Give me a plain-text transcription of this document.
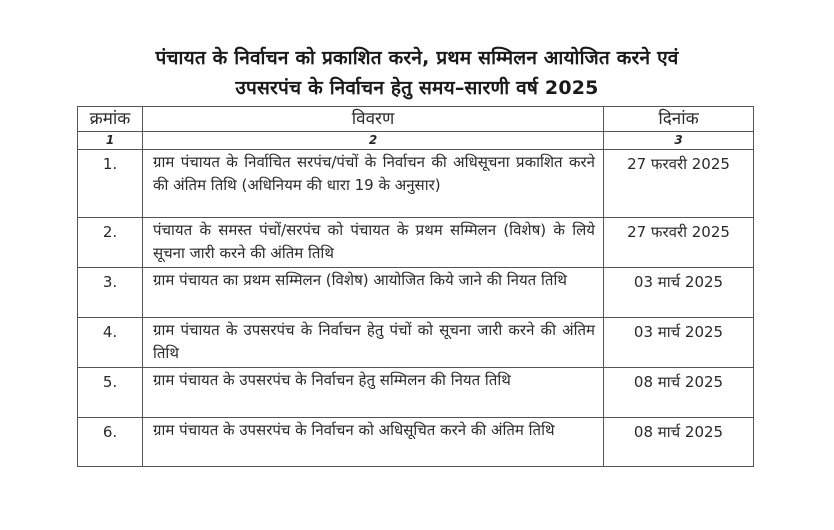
पंचायत के निर्वाचन को प्रकाशित करने, प्रथम सम्मिलन आयोजित करने एवं
उपसरपंच के निर्वाचन हेतु समय–सारणी वर्ष 2025
क्रमांक	विवरण	दिनांक
1	2	3
1.	ग्राम पंचायत के निर्वाचित सरपंच/पंचों के निर्वाचन की अधिसूचना प्रकाशित करने की अंतिम तिथि (अधिनियम की धारा 19 के अनुसार)	27 फरवरी 2025
2.	पंचायत के समस्त पंचों/सरपंच को पंचायत के प्रथम सम्मिलन (विशेष) के लिये सूचना जारी करने की अंतिम तिथि	27 फरवरी 2025
3.	ग्राम पंचायत का प्रथम सम्मिलन (विशेष) आयोजित किये जाने की नियत तिथि	03 मार्च 2025
4.	ग्राम पंचायत के उपसरपंच के निर्वाचन हेतु पंचों को सूचना जारी करने की अंतिम तिथि	03 मार्च 2025
5.	ग्राम पंचायत के उपसरपंच के निर्वाचन हेतु सम्मिलन की नियत तिथि	08 मार्च 2025
6.	ग्राम पंचायत के उपसरपंच के निर्वाचन को अधिसूचित करने की अंतिम तिथि	08 मार्च 2025
